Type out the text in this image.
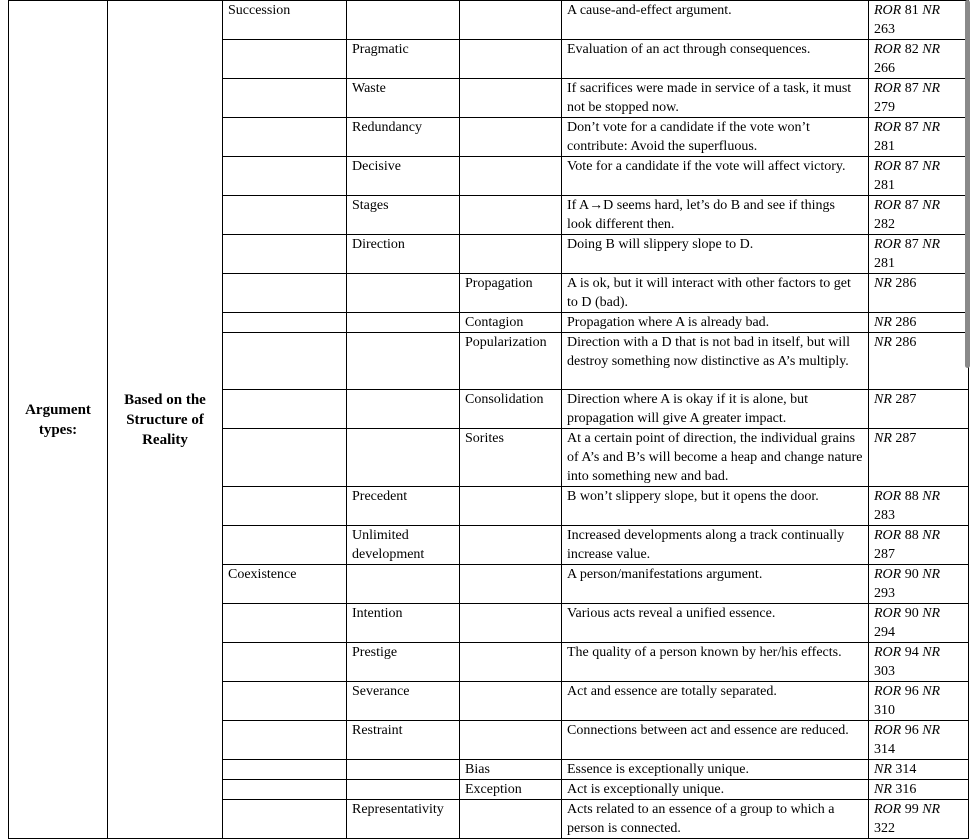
Argument types:	Based on the Structure of Reality	Succession			A cause-and-effect argument.	ROR 81 NR 263
			Pragmatic		Evaluation of an act through consequences.	ROR 82 NR 266
			Waste		If sacrifices were made in service of a task, it must not be stopped now.	ROR 87 NR 279
			Redundancy		Don’t vote for a candidate if the vote won’t contribute: Avoid the superfluous.	ROR 87 NR 281
			Decisive		Vote for a candidate if the vote will affect victory.	ROR 87 NR 281
			Stages		If A→D seems hard, let’s do B and see if things look different then.	ROR 87 NR 282
			Direction		Doing B will slippery slope to D.	ROR 87 NR 281
				Propagation	A is ok, but it will interact with other factors to get to D (bad).	NR 286
				Contagion	Propagation where A is already bad.	NR 286
				Popularization	Direction with a D that is not bad in itself, but will destroy something now distinctive as A’s multiply.	NR 286
				Consolidation	Direction where A is okay if it is alone, but propagation will give A greater impact.	NR 287
				Sorites	At a certain point of direction, the individual grains of A’s and B’s will become a heap and change nature into something new and bad.	NR 287
			Precedent		B won’t slippery slope, but it opens the door.	ROR 88 NR 283
			Unlimited development		Increased developments along a track continually increase value.	ROR 88 NR 287
		Coexistence			A person/manifestations argument.	ROR 90 NR 293
			Intention		Various acts reveal a unified essence.	ROR 90 NR 294
			Prestige		The quality of a person known by her/his effects.	ROR 94 NR 303
			Severance		Act and essence are totally separated.	ROR 96 NR 310
			Restraint		Connections between act and essence are reduced.	ROR 96 NR 314
				Bias	Essence is exceptionally unique.	NR 314
				Exception	Act is exceptionally unique.	NR 316
			Representativity		Acts related to an essence of a group to which a person is connected.	ROR 99 NR 322
